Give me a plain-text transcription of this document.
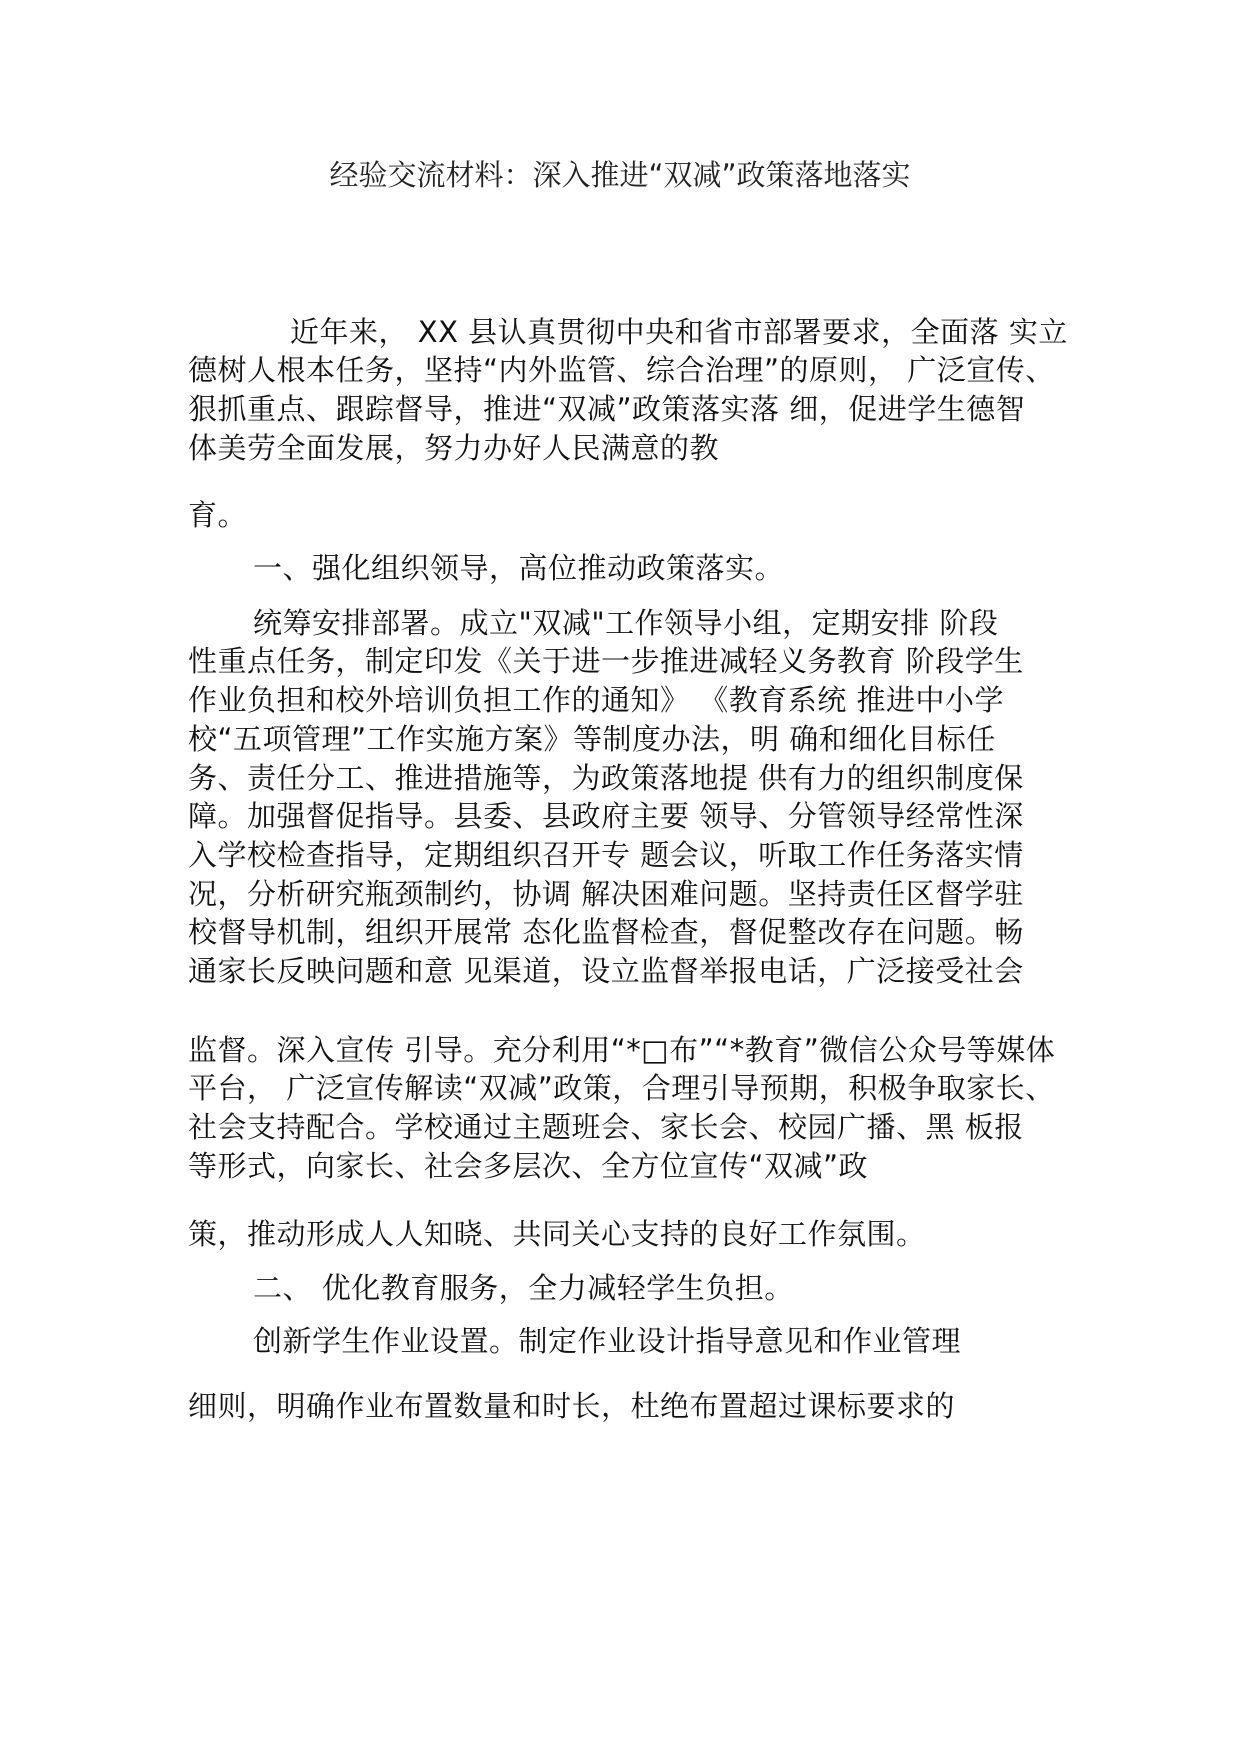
经验交流材料：深入推进“双减”政策落地落实
近年来， XX 县认真贯彻中央和省市部署要求，全面落 实立
德树人根本任务，坚持“内外监管、综合治理”的原则， 广泛宣传、
狠抓重点、跟踪督导，推进“双减”政策落实落 细，促进学生德智
体美劳全面发展，努力办好人民满意的教
育。
一、强化组织领导，高位推动政策落实。
统筹安排部署。成立"双减"工作领导小组，定期安排 阶段
性重点任务，制定印发《关于进一步推进减轻义务教育 阶段学生
作业负担和校外培训负担工作的通知》 《教育系统 推进中小学
校“五项管理”工作实施方案》等制度办法，明 确和细化目标任
务、责任分工、推进措施等，为政策落地提 供有力的组织制度保
障。加强督促指导。县委、县政府主要 领导、分管领导经常性深
入学校检查指导，定期组织召开专 题会议，听取工作任务落实情
况，分析研究瓶颈制约，协调 解决困难问题。坚持责任区督学驻
校督导机制，组织开展常 态化监督检查，督促整改存在问题。畅
通家长反映问题和意 见渠道，设立监督举报电话，广泛接受社会
监督。深入宣传 引导。充分利用“*□布”“*教育”微信公众号等媒体
平台， 广泛宣传解读“双减”政策，合理引导预期，积极争取家长、
社会支持配合。学校通过主题班会、家长会、校园广播、黑 板报
等形式，向家长、社会多层次、全方位宣传“双减”政
策，推动形成人人知晓、共同关心支持的良好工作氛围。
二、 优化教育服务，全力减轻学生负担。
创新学生作业设置。制定作业设计指导意见和作业管理
细则，明确作业布置数量和时长，杜绝布置超过课标要求的
